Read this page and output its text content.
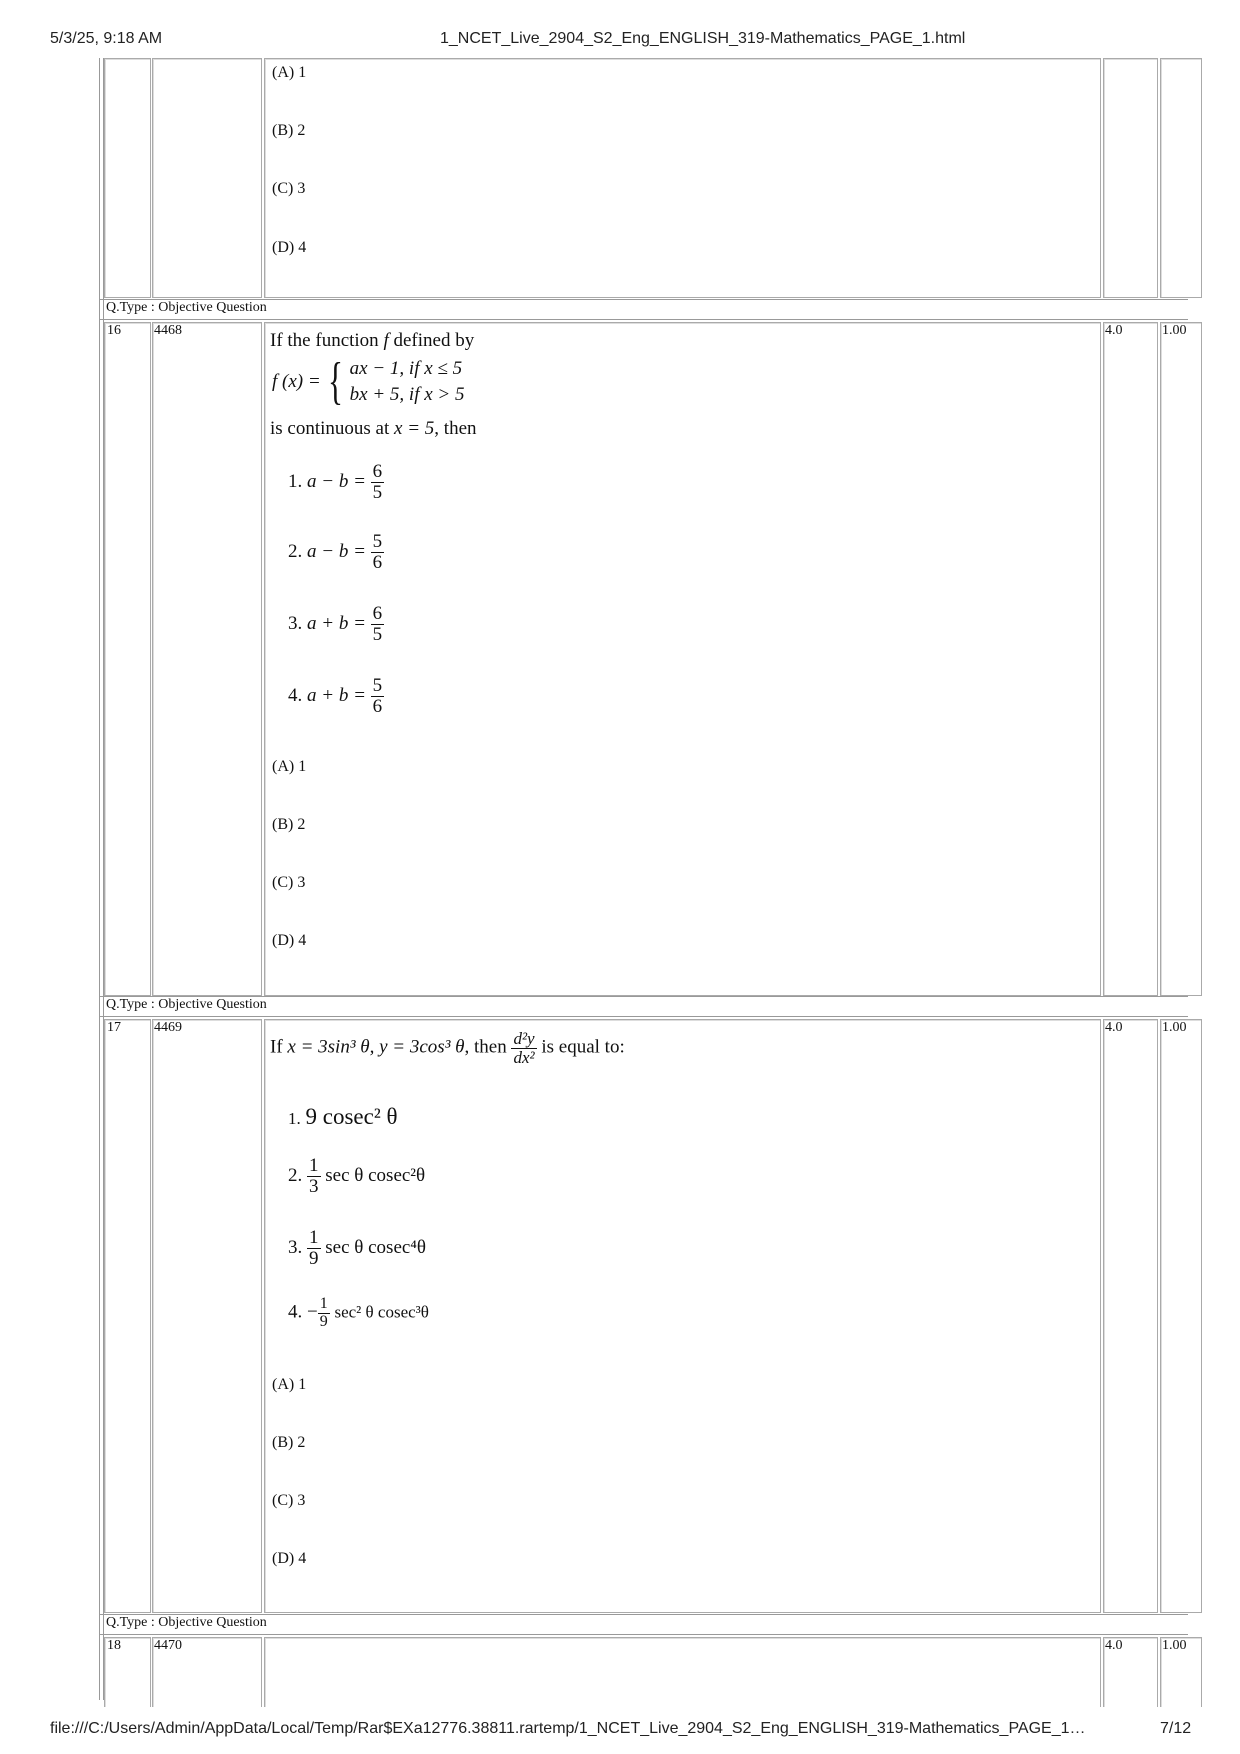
5/3/25, 9:18 AM	1_NCET_Live_2904_S2_Eng_ENGLISH_319-Mathematics_PAGE_1.html
(A) 1
(B) 2
(C) 3
(D) 4
Q.Type : Objective Question
16 4468	4.0	1.00
If the function f defined by
f (x) = { ax − 1, if x ≤ 5
bx + 5, if x > 5
is continuous at x = 5, then
1. $a - b = \frac{6}{5}$
2. $a - b = \frac{5}{6}$
3. $a + b = \frac{6}{5}$
4. $a + b = \frac{5}{6}$
(A) 1
(B) 2
(C) 3
(D) 4
Q.Type : Objective Question
17 4469	4.0	1.00
If x = 3sin³ θ, y = 3cos³ θ, then $\frac{\text{d²y}}{\text{dx²}}$ is equal to:
1. 9 cosec² θ
2. $\frac{1}{3}$ sec θ cosec²θ
3. $\frac{1}{9}$ sec θ cosec⁴θ
4. − $\frac{1}{9} \sec^2$ θ cosec³θ
(A) 1
(B) 2
(C) 3
(D) 4
Q.Type : Objective Question
18 4470	4.0	1.00
file:///C:/Users/Admin/AppData/Local/Temp/Rar$EXa12776.38811.rartemp/1_NCET_Live_2904_S2_Eng_ENGLISH_319-Mathematics_PAGE_1…	7/12
